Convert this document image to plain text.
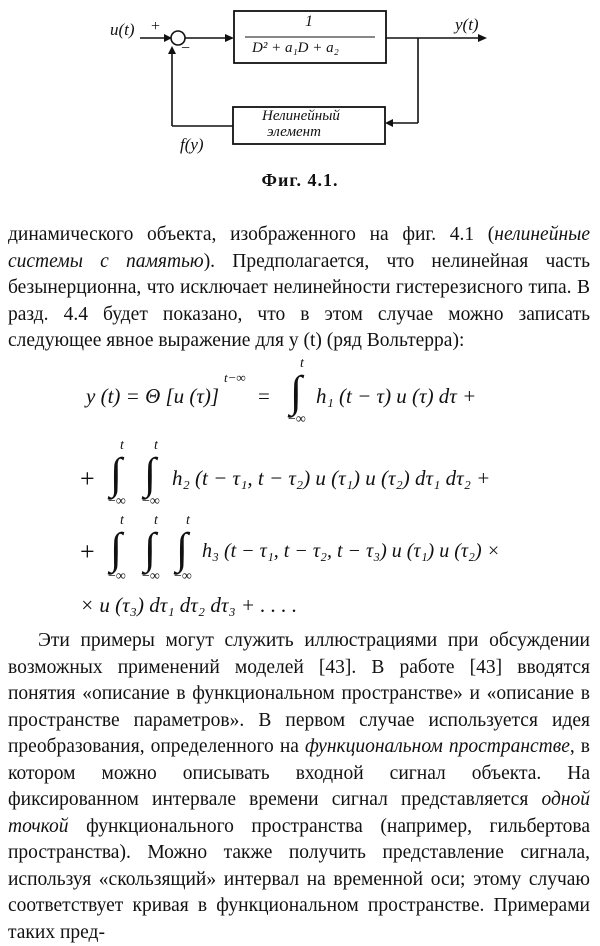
u(t) +
−
1
D² + a₁D + a₂
y(t)
Нелинейный
элемент
f(y)
Фиг. 4.1.

динамического объекта, изображенного на фиг. 4.1 (нелинейные системы с памятью). Предполагается, что нелинейная часть безынерционна, что исключает нелинейности гистерезисного типа. В разд. 4.4 будет показано, что в этом случае можно записать следующее явное выражение для y (t) (ряд Вольтерра):

y (t) = Θ [u (τ)]
t−∞
= ∫
t
−∞
h₁ (t − τ) u (τ) dτ +
+ ∫
t
−∞
∫
t
−∞
h₂ (t − τ₁, t − τ₂) u (τ₁) u (τ₂) dτ₁ dτ₂ +
+ ∫
t
−∞
∫
t
−∞
∫
t
−∞
h₃ (t − τ₁, t − τ₂, t − τ₃) u (τ₁) u (τ₂) ×
× u (τ₃) dτ₁ dτ₂ dτ₃ + . . . .

Эти примеры могут служить иллюстрациями при обсуждении возможных применений моделей [43]. В работе [43] вводятся понятия «описание в функциональном пространстве» и «описание в пространстве параметров». В первом случае используется идея преобразования, определенного на функциональном пространстве, в котором можно описывать входной сигнал объекта. На фиксированном интервале времени сигнал представляется одной точкой функционального пространства (например, гильбертова пространства). Можно также получить представление сигнала, используя «скользящий» интервал на временной оси; этому случаю соответствует кривая в функциональном пространстве. Примерами таких пред-
